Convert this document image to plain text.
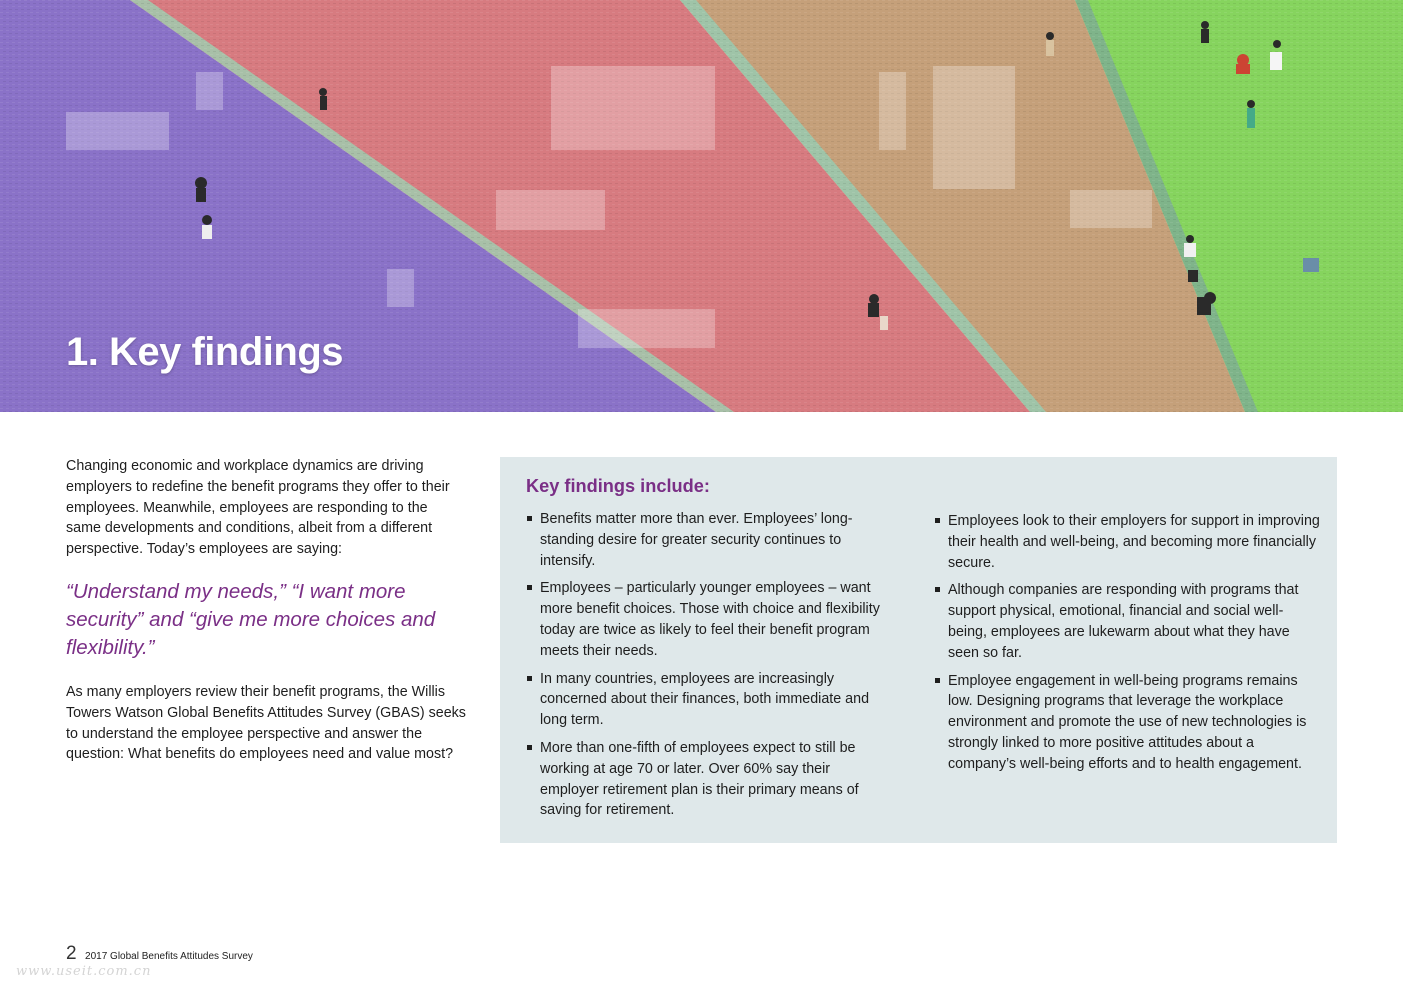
1. Key findings

Changing economic and workplace dynamics are driving employers to redefine the benefit programs they offer to their employees. Meanwhile, employees are responding to the same developments and conditions, albeit from a different perspective. Today’s employees are saying:

“Understand my needs,” “I want more security” and “give me more choices and flexibility.”

As many employers review their benefit programs, the Willis Towers Watson Global Benefits Attitudes Survey (GBAS) seeks to understand the employee perspective and answer the question: What benefits do employees need and value most?

Key findings include:
Benefits matter more than ever. Employees’ long-standing desire for greater security continues to intensify.
Employees – particularly younger employees – want more benefit choices. Those with choice and flexibility today are twice as likely to feel their benefit program meets their needs.
In many countries, employees are increasingly concerned about their finances, both immediate and long term.
More than one-fifth of employees expect to still be working at age 70 or later. Over 60% say their employer retirement plan is their primary means of saving for retirement.
Employees look to their employers for support in improving their health and well-being, and becoming more financially secure.
Although companies are responding with programs that support physical, emotional, financial and social well-being, employees are lukewarm about what they have seen so far.
Employee engagement in well-being programs remains low. Designing programs that leverage the workplace environment and promote the use of new technologies is strongly linked to more positive attitudes about a company’s well-being efforts and to health engagement.
2 2017 Global Benefits Attitudes Survey
www.useit.com.cn
